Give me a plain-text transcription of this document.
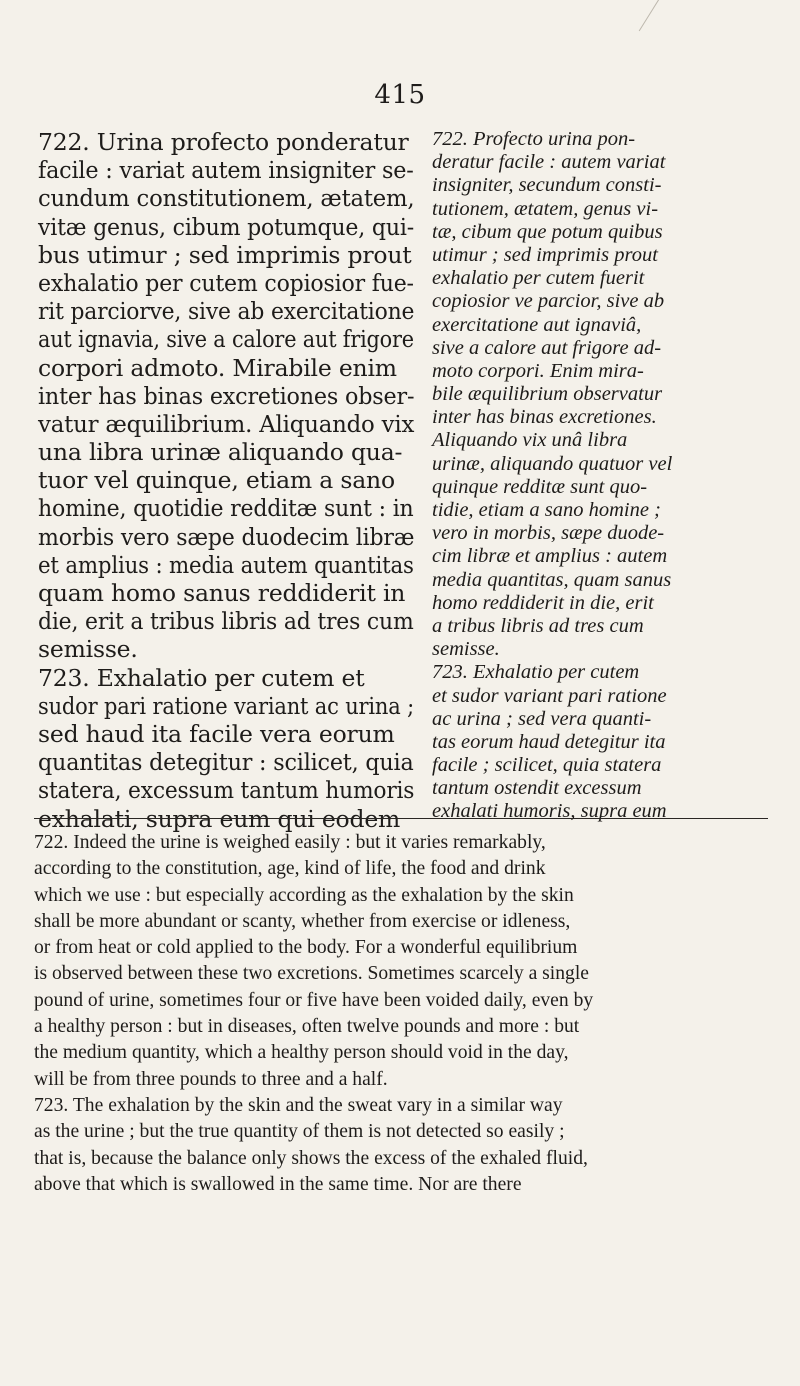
415
722. Urina profecto ponderatur
facile : variat autem insigniter se-
cundum constitutionem, ætatem,
vitæ genus, cibum potumque, qui-
bus utimur ; sed imprimis prout
exhalatio per cutem copiosior fue-
rit parciorve, sive ab exercitatione
aut ignavia, sive a calore aut frigore
corpori admoto. Mirabile enim
inter has binas excretiones obser-
vatur æquilibrium. Aliquando vix
una libra urinæ aliquando qua-
tuor vel quinque, etiam a sano
homine, quotidie redditæ sunt : in
morbis vero sæpe duodecim libræ
et amplius : media autem quantitas
quam homo sanus reddiderit in
die, erit a tribus libris ad tres cum
semisse.
723. Exhalatio per cutem et
sudor pari ratione variant ac urina ;
sed haud ita facile vera eorum
quantitas detegitur : scilicet, quia
statera, excessum tantum humoris
exhalati, supra eum qui eodem
722. Profecto urina pon-
deratur facile : autem variat
insigniter, secundum consti-
tutionem, ætatem, genus vi-
tæ, cibum que potum quibus
utimur ; sed imprimis prout
exhalatio per cutem fuerit
copiosior ve parcior, sive ab
exercitatione aut ignaviâ,
sive a calore aut frigore ad-
moto corpori. Enim mira-
bile æquilibrium observatur
inter has binas excretiones.
Aliquando vix unâ libra
urinæ, aliquando quatuor vel
quinque redditæ sunt quo-
tidie, etiam a sano homine ;
vero in morbis, sæpe duode-
cim libræ et amplius : autem
media quantitas, quam sanus
homo reddiderit in die, erit
a tribus libris ad tres cum
semisse.
723. Exhalatio per cutem
et sudor variant pari ratione
ac urina ; sed vera quanti-
tas eorum haud detegitur ita
facile ; scilicet, quia statera
tantum ostendit excessum
exhalati humoris, supra eum
722. Indeed the urine is weighed easily : but it varies remarkably,
according to the constitution, age, kind of life, the food and drink
which we use : but especially according as the exhalation by the skin
shall be more abundant or scanty, whether from exercise or idleness,
or from heat or cold applied to the body. For a wonderful equilibrium
is observed between these two excretions. Sometimes scarcely a single
pound of urine, sometimes four or five have been voided daily, even by
a healthy person : but in diseases, often twelve pounds and more : but
the medium quantity, which a healthy person should void in the day,
will be from three pounds to three and a half.
723. The exhalation by the skin and the sweat vary in a similar way
as the urine ; but the true quantity of them is not detected so easily ;
that is, because the balance only shows the excess of the exhaled fluid,
above that which is swallowed in the same time. Nor are there
